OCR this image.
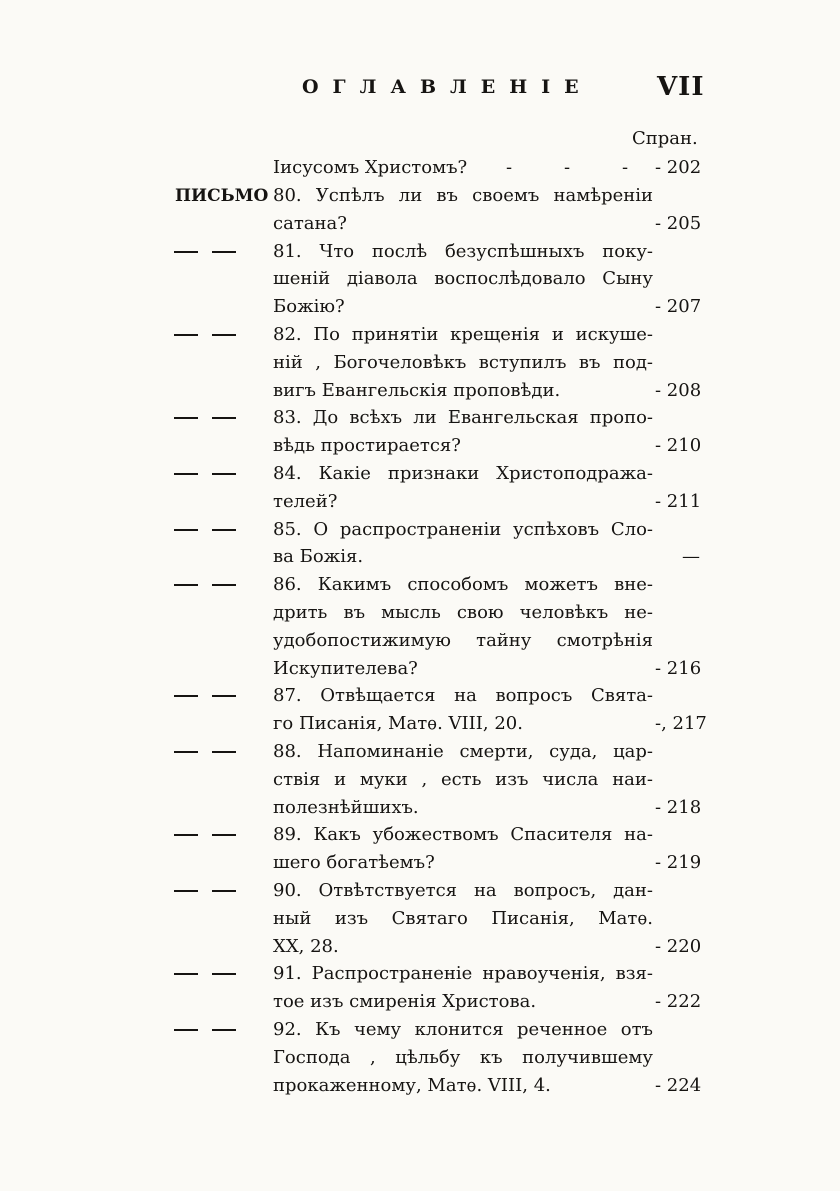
ОГЛАВЛЕНІЕ VII
Спран.
Іисусомъ Христомъ?	-	-	-	- 202
ПИСЬМО 80. Успѣлъ ли въ своемъ намѣреніи
сатана?	- 205
81. Что послѣ безуспѣшныхъ поку-
шеній діавола воспослѣдовало Сыну
Божію?	- 207
82. По принятіи крещенія и искуше-
ній , Богочеловѣкъ вступилъ въ под-
вигъ Евангельскія проповѣди.	- 208
83. До всѣхъ ли Евангельская пропо-
вѣдь простирается?	- 210
84. Какіе признаки Христоподража-
телей?	- 211
85. О распространеніи успѣховъ Сло-
ва Божія.	—
86. Какимъ способомъ можетъ вне-
дрить въ мысль свою человѣкъ не-
удобопостижимую тайну смотрѣнія
Искупителева?	- 216
87. Отвѣщается на вопросъ Свята-
го Писанія, Матѳ. VIII, 20.	-, 217
88. Напоминаніе смерти, суда, цар-
ствія и муки , есть изъ числа наи-
полезнѣйшихъ.	- 218
89. Какъ убожествомъ Спасителя на-
шего богатѣемъ?	- 219
90. Отвѣтствуется на вопросъ, дан-
ный изъ Святаго Писанія, Матѳ.
XX, 28.	- 220
91. Распространеніе нравоученія, взя-
тое изъ смиренія Христова.	- 222
92. Къ чему клонится реченное отъ
Господа , цѣльбу къ получившему
прокаженному, Матѳ. VIII, 4.	- 224
